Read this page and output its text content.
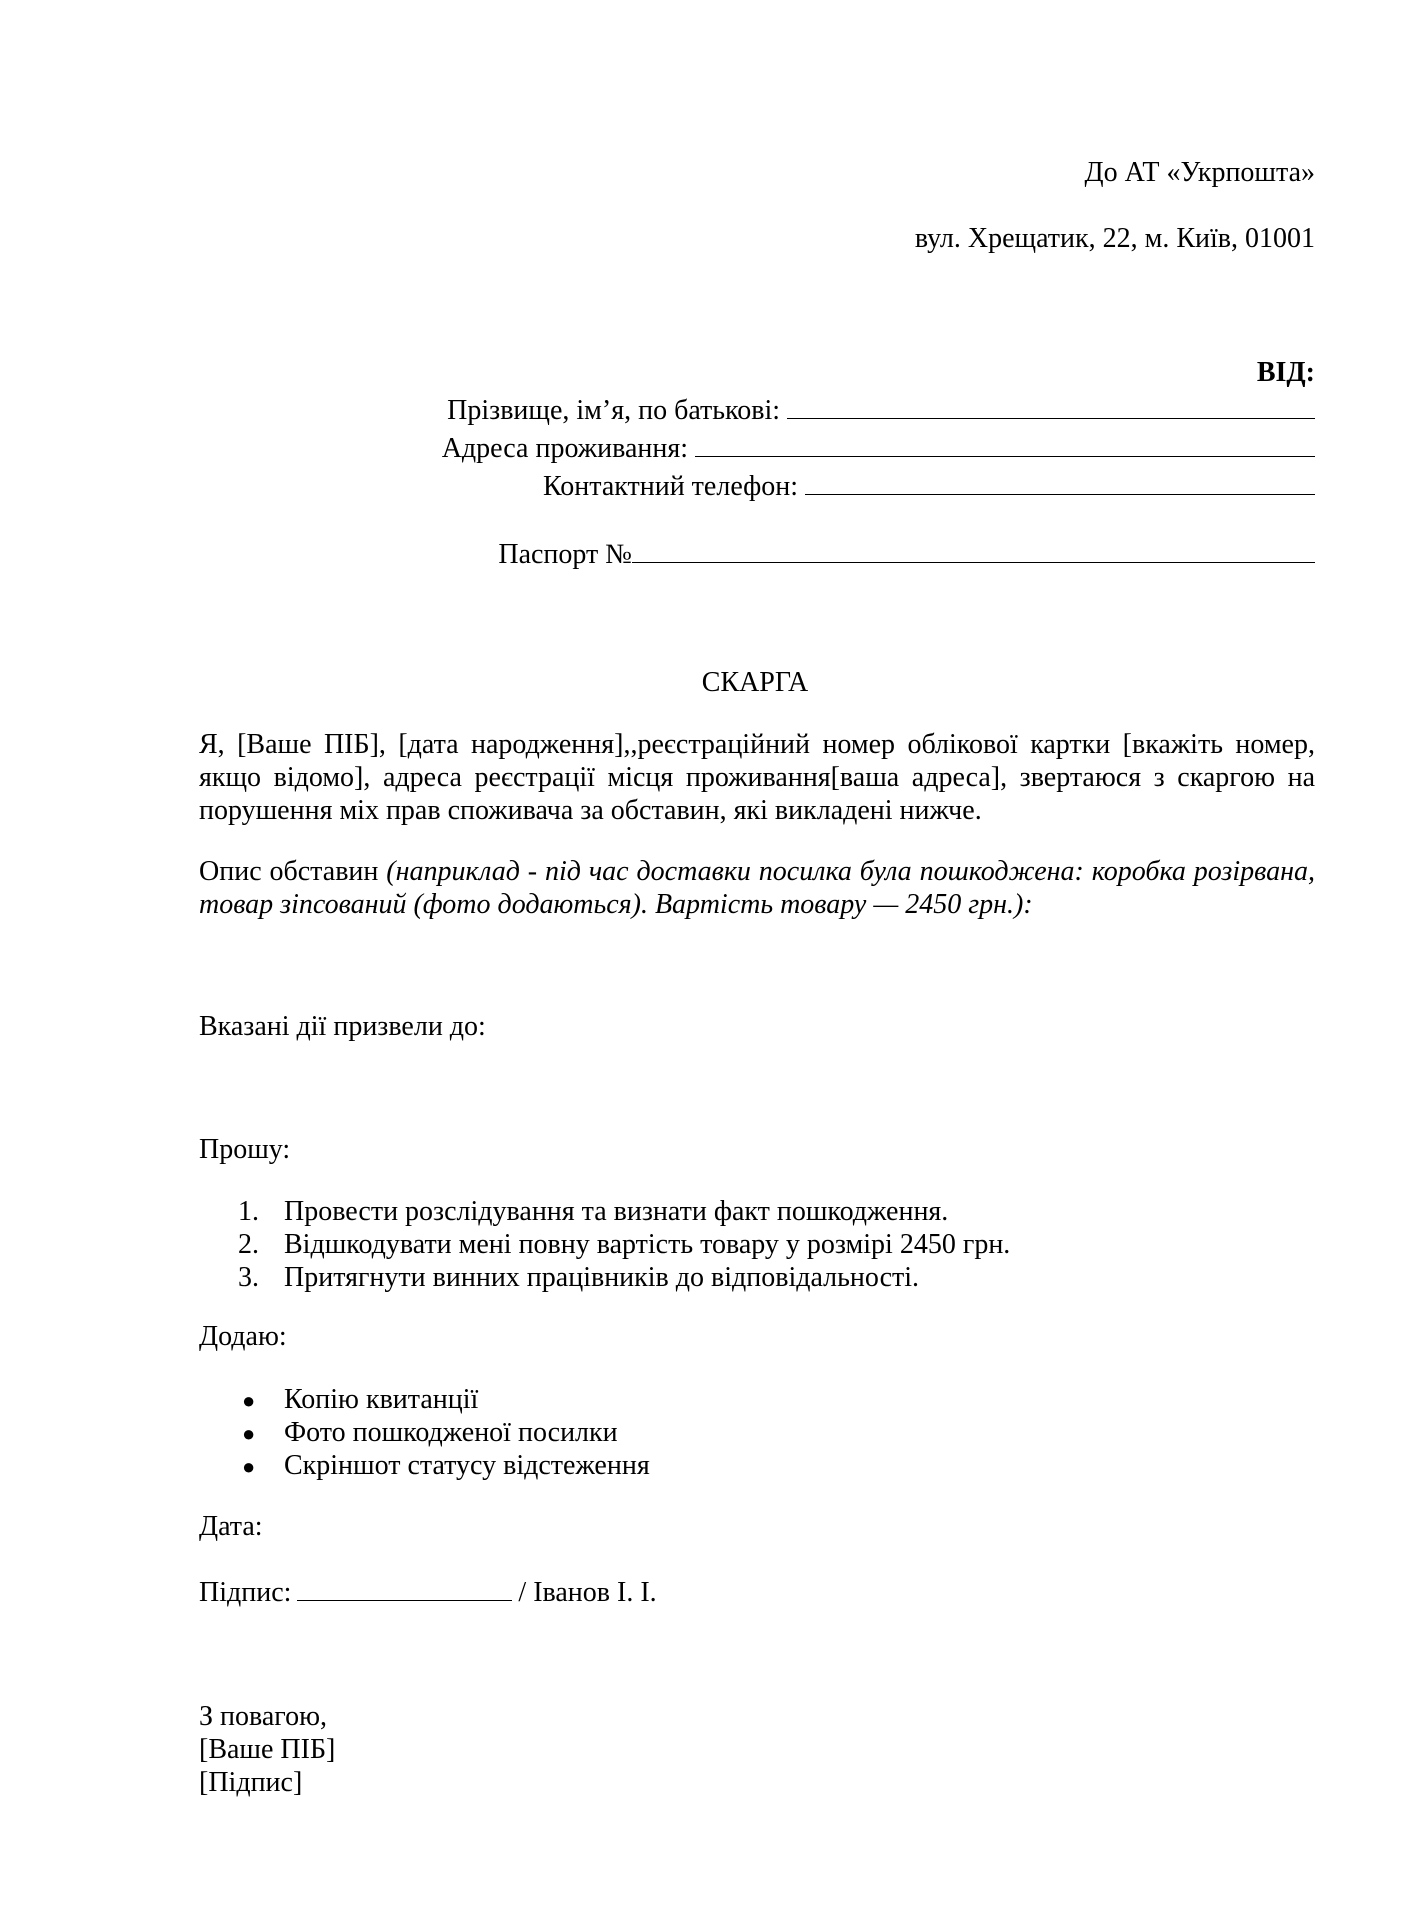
До АТ «Укрпошта»
вул. Хрещатик, 22, м. Київ, 01001
ВІД:
Прізвище, ім’я, по батькові:
Адреса проживання:
Контактний телефон:
Паспорт №
СКАРГА
Я, [Ваше ПІБ], [дата народження],,реєстраційний номер облікової картки [вкажіть номер, якщо відомо], адреса реєстрації місця проживання[ваша адреса], звертаюся з скаргою на порушення міх прав споживача за обставин, які викладені нижче.
Опис обставин (наприклад - під час доставки посилка була пошкоджена: коробка розірвана, товар зіпсований (фото додаються). Вартість товару — 2450 грн.):
Вказані дії призвели до:
Прошу:
1. Провести розслідування та визнати факт пошкодження.
2. Відшкодувати мені повну вартість товару у розмірі 2450 грн.
3. Притягнути винних працівників до відповідальності.
Додаю:
● Копію квитанції
● Фото пошкодженої посилки
● Скріншот статусу відстеження
Дата:
Підпис:	/ Іванов І. І.
З повагою,
[Ваше ПІБ]
[Підпис]
